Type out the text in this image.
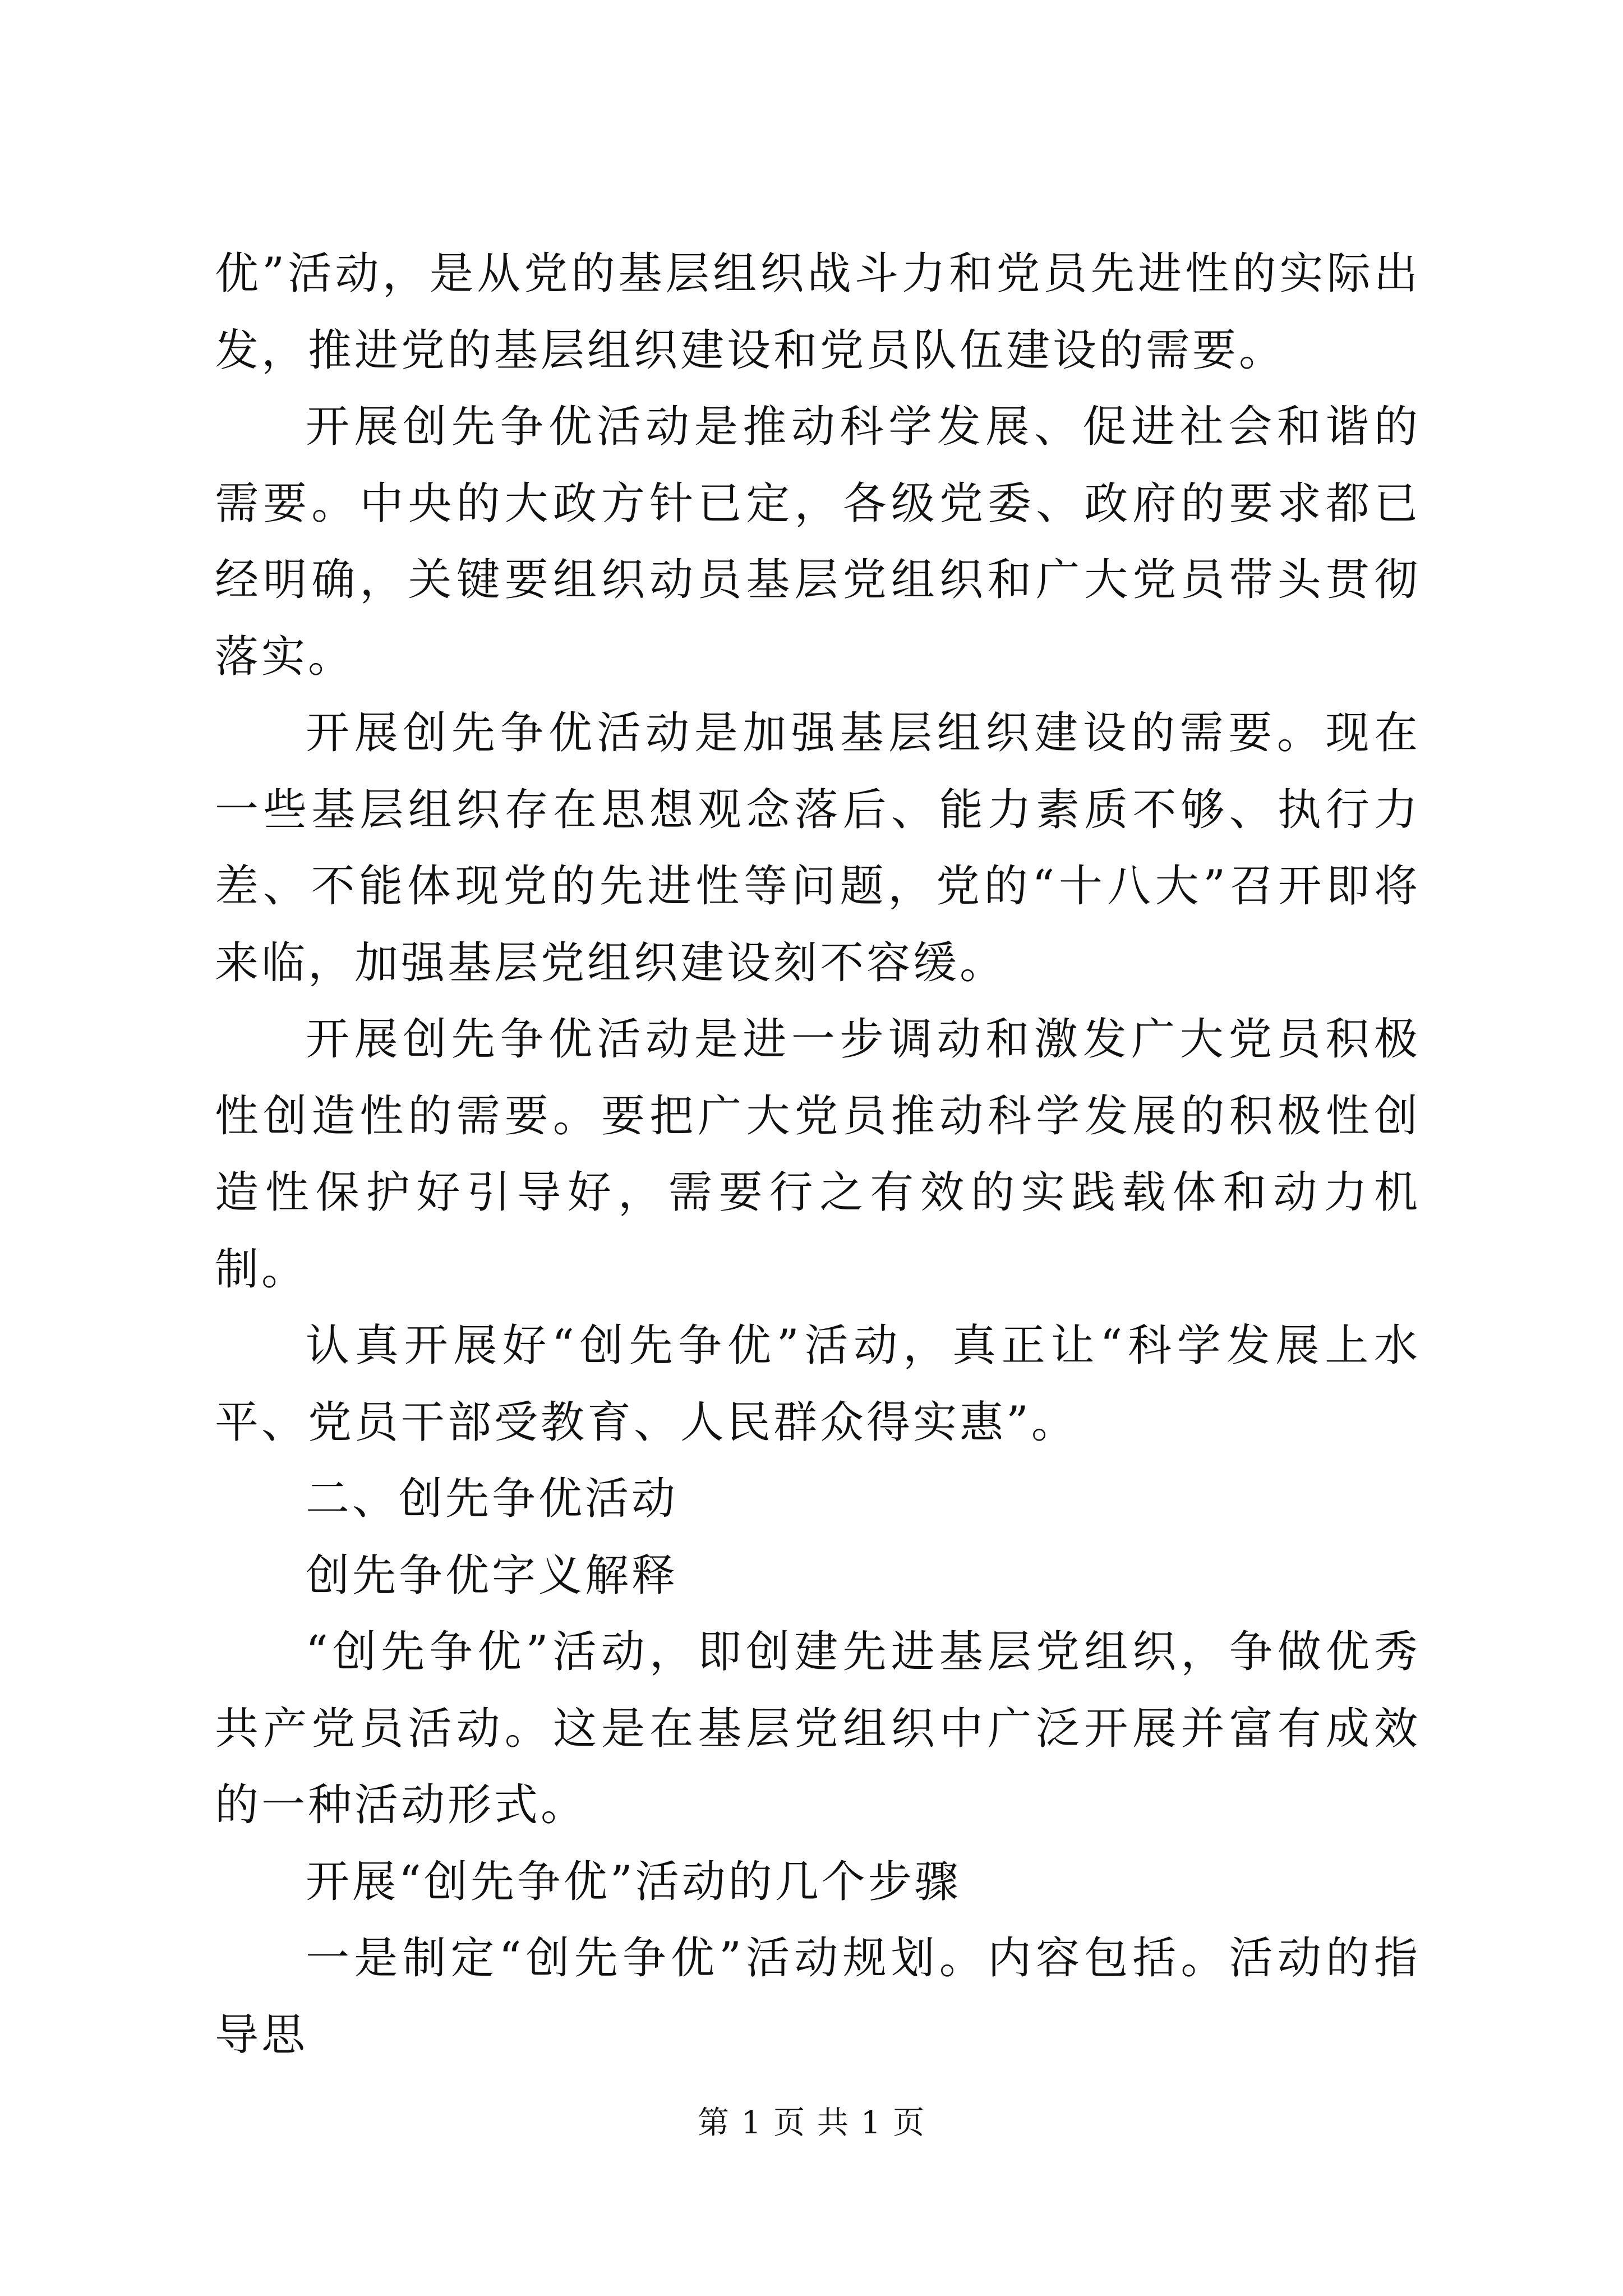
优”活动，是从党的基层组织战斗力和党员先进性的实际出发，推进党的基层组织建设和党员队伍建设的需要。

开展创先争优活动是推动科学发展、促进社会和谐的需要。中央的大政方针已定，各级党委、政府的要求都已经明确，关键要组织动员基层党组织和广大党员带头贯彻落实。

开展创先争优活动是加强基层组织建设的需要。现在一些基层组织存在思想观念落后、能力素质不够、执行力差、不能体现党的先进性等问题，党的“十八大”召开即将来临，加强基层党组织建设刻不容缓。

开展创先争优活动是进一步调动和激发广大党员积极性创造性的需要。要把广大党员推动科学发展的积极性创造性保护好引导好，需要行之有效的实践载体和动力机制。

认真开展好“创先争优”活动，真正让“科学发展上水平、党员干部受教育、人民群众得实惠”。

二、创先争优活动

创先争优字义解释

“创先争优”活动，即创建先进基层党组织，争做优秀共产党员活动。这是在基层党组织中广泛开展并富有成效的一种活动形式。

开展“创先争优”活动的几个步骤

一是制定“创先争优”活动规划。内容包括。活动的指导思

第 1 页 共 1 页
